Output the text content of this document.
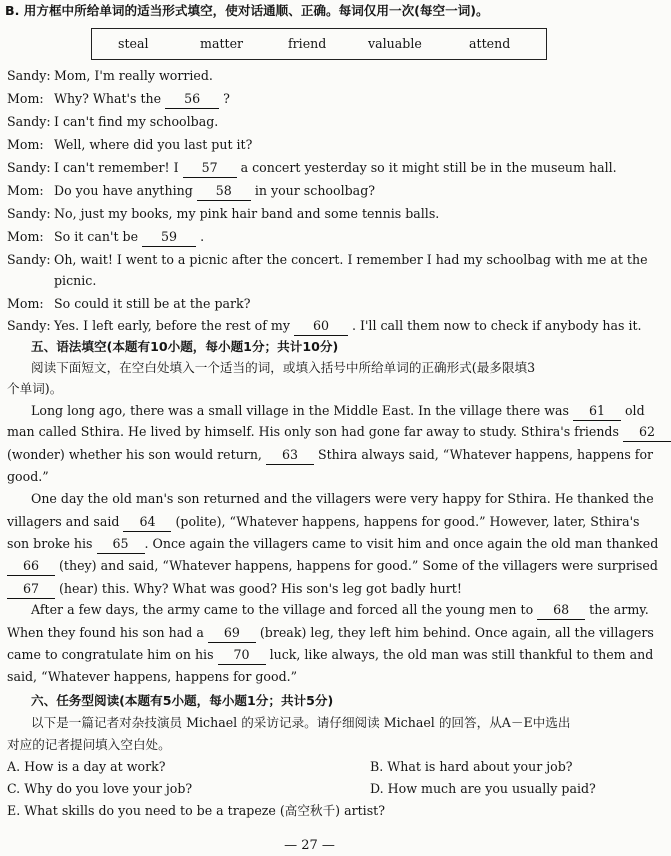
B. 用方框中所给单词的适当形式填空，使对话通顺、正确。每词仅用一次(每空一词)。
steal	matter	friend	valuable	attend
Sandy: Mom, I'm really worried.
Mom: Why? What's the 56 ?
Sandy: I can't find my schoolbag.
Mom: Well, where did you last put it?
Sandy: I can't remember! I 57 a concert yesterday so it might still be in the museum hall.
Mom: Do you have anything 58 in your schoolbag?
Sandy: No, just my books, my pink hair band and some tennis balls.
Mom: So it can't be 59 .
Sandy: Oh, wait! I went to a picnic after the concert. I remember I had my schoolbag with me at the
picnic.
Mom: So could it still be at the park?
Sandy: Yes. I left early, before the rest of my 60 . I'll call them now to check if anybody has it.
五、语法填空(本题有10小题，每小题1分；共计10分)
阅读下面短文，在空白处填入一个适当的词，或填入括号中所给单词的正确形式(最多限填3
个单词)。
Long long ago, there was a small village in the Middle East. In the village there was 61 old
man called Sthira. He lived by himself. His only son had gone far away to study. Sthira's friends 62
(wonder) whether his son would return, 63 Sthira always said, “Whatever happens, happens for
good.”
One day the old man's son returned and the villagers were very happy for Sthira. He thanked the
villagers and said 64 (polite), “Whatever happens, happens for good.” However, later, Sthira's
son broke his 65 . Once again the villagers came to visit him and once again the old man thanked
66 (they) and said, “Whatever happens, happens for good.” Some of the villagers were surprised
67 (hear) this. Why? What was good? His son's leg got badly hurt!
After a few days, the army came to the village and forced all the young men to 68 the army.
When they found his son had a 69 (break) leg, they left him behind. Once again, all the villagers
came to congratulate him on his 70 luck, like always, the old man was still thankful to them and
said, “Whatever happens, happens for good.”
六、任务型阅读(本题有5小题，每小题1分；共计5分)
以下是一篇记者对杂技演员 Michael 的采访记录。请仔细阅读 Michael 的回答，从A－E中选出
对应的记者提问填入空白处。
A. How is a day at work?	B. What is hard about your job?
C. Why do you love your job?	D. How much are you usually paid?
E. What skills do you need to be a trapeze (高空秋千) artist?
— 27 —
